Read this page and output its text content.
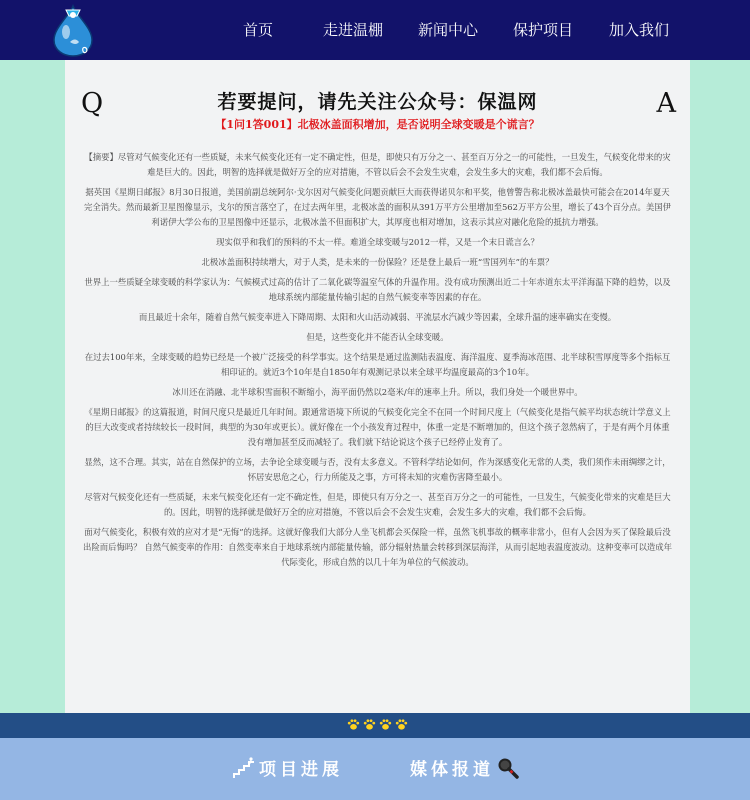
首页	走进温棚 新闻中心 保护项目 加入我们
Q	若要提问，请先关注公众号：保温网	A
【1问1答001】北极冰盖面积增加，是否说明全球变暖是个谎言？

【摘要】尽管对气候变化还有一些质疑，未来气候变化还有一定不确定性，但是，即使只有万分之一、甚至百万分之一的可能性，一旦发生，气候变化带来的灾难是巨大的。因此，明智的选择就是做好万全的应对措施，不管以后会不会发生灾难，会发生多大的灾难，我们都不会后悔。

据英国《星期日邮报》8月30日报道，美国前副总统阿尔·戈尔因对气候变化问题贡献巨大而获得诺贝尔和平奖，他曾警告称北极冰盖最快可能会在2014年夏天完全消失。然而最新卫星图像显示，戈尔的预言落空了，在过去两年里，北极冰盖的面积从391万平方公里增加至562万平方公里，增长了43个百分点。美国伊利诺伊大学公布的卫星图像中还显示，北极冰盖不但面积扩大，其厚度也相对增加，这表示其应对融化危险的抵抗力增强。

现实似乎和我们的预料的不太一样。难道全球变暖与2012一样，又是一个末日谎言么？

北极冰盖面积持续增大，对于人类，是未来的一份保险？还是登上最后一班“雪国列车”的车票？

世界上一些质疑全球变暖的科学家认为：气候模式过高的估计了二氧化碳等温室气体的升温作用。没有成功预测出近二十年赤道东太平洋海温下降的趋势，以及地球系统内部能量传输引起的自然气候变率等因素的存在。

而且最近十余年，随着自然气候变率进入下降周期、太阳和火山活动减弱、平流层水汽减少等因素，全球升温的速率确实在变慢。

但是，这些变化并不能否认全球变暖。

在过去100年来，全球变暖的趋势已经是一个被广泛接受的科学事实。这个结果是通过监测陆表温度、海洋温度、夏季海冰范围、北半球积雪厚度等多个指标互相印证的。就近3个10年是自1850年有观测记录以来全球平均温度最高的3个10年。

冰川还在消融、北半球积雪面积不断缩小，海平面仍然以2毫米/年的速率上升。所以，我们身处一个暖世界中。

《星期日邮报》的这篇报道，时间尺度只是最近几年时间。跟通常语境下所说的气候变化完全不在同一个时间尺度上（气候变化是指气候平均状态统计学意义上的巨大改变或者持续较长一段时间，典型的为30年或更长）。就好像在一个小孩发育过程中，体重一定是不断增加的，但这个孩子忽然病了，于是有两个月体重没有增加甚至反而减轻了。我们就下结论说这个孩子已经停止发育了。

显然，这不合理。其实，站在自然保护的立场，去争论全球变暖与否，没有太多意义。不管科学结论如何，作为深感变化无常的人类，我们须作未雨绸缪之计，怀居安思危之心，行力所能及之事，方可将未知的灾难伤害降至最小。

尽管对气候变化还有一些质疑，未来气候变化还有一定不确定性，但是，即使只有万分之一、甚至百万分之一的可能性，一旦发生，气候变化带来的灾难是巨大的。因此，明智的选择就是做好万全的应对措施，不管以后会不会发生灾难，会发生多大的灾难，我们都不会后悔。

面对气候变化，积极有效的应对才是“无悔”的选择。这就好像我们大部分人坐飞机都会买保险一样，虽然飞机事故的概率非常小，但有人会因为买了保险最后没出险而后悔吗？ 自然气候变率的作用：自然变率来自于地球系统内部能量传输，部分辐射热量会转移到深层海洋，从而引起地表温度波动。这种变率可以造成年代际变化，形成自然的以几十年为单位的气候波动。

项目进展	媒体报道
